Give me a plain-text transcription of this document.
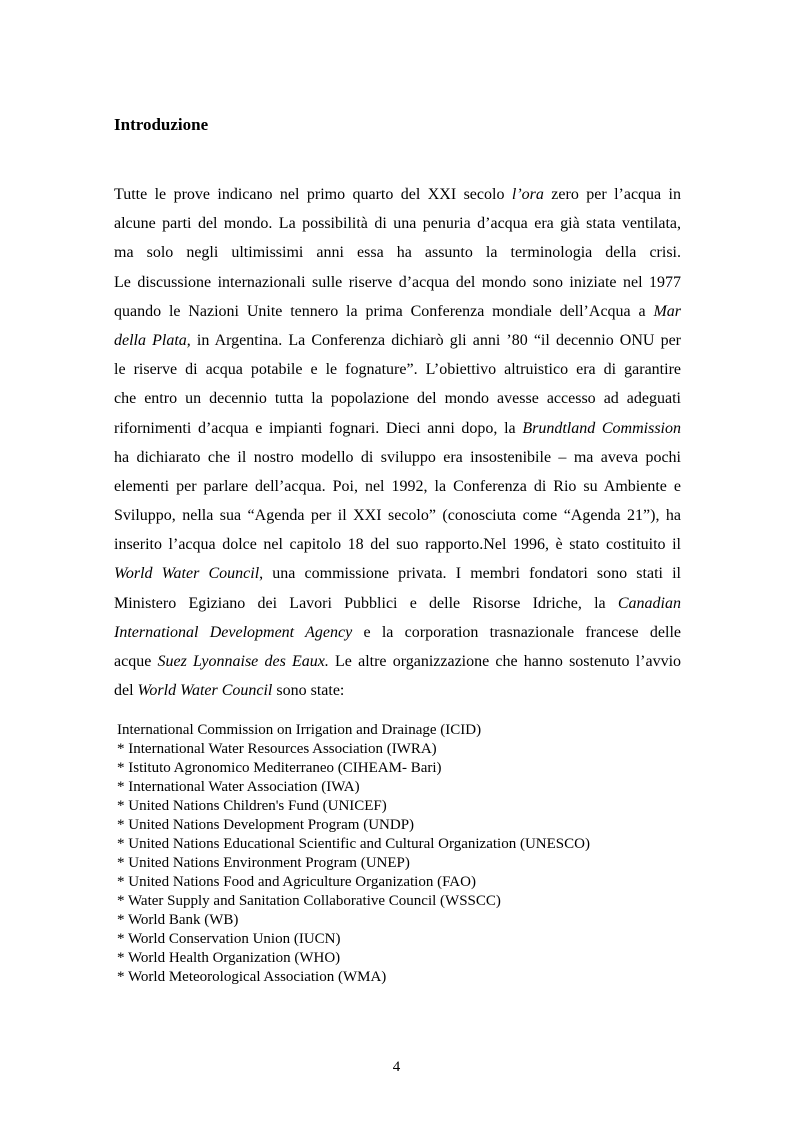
Introduzione
Tutte le prove indicano nel primo quarto del XXI secolo l’ora zero per l’acqua in
alcune parti del mondo. La possibilità di una penuria d’acqua era già stata ventilata,
ma solo negli ultimissimi anni essa ha assunto la terminologia della crisi.
Le discussione internazionali sulle riserve d’acqua del mondo sono iniziate nel 1977
quando le Nazioni Unite tennero la prima Conferenza mondiale dell’Acqua a Mar
della Plata, in Argentina. La Conferenza dichiarò gli anni ’80 “il decennio ONU per
le riserve di acqua potabile e le fognature”. L’obiettivo altruistico era di garantire
che entro un decennio tutta la popolazione del mondo avesse accesso ad adeguati
rifornimenti d’acqua e impianti fognari. Dieci anni dopo, la Brundtland Commission
ha dichiarato che il nostro modello di sviluppo era insostenibile – ma aveva pochi
elementi per parlare dell’acqua. Poi, nel 1992, la Conferenza di Rio su Ambiente e
Sviluppo, nella sua “Agenda per il XXI secolo” (conosciuta come “Agenda 21”), ha
inserito l’acqua dolce nel capitolo 18 del suo rapporto.Nel 1996, è stato costituito il
World Water Council, una commissione privata. I membri fondatori sono stati il
Ministero Egiziano dei Lavori Pubblici e delle Risorse Idriche, la Canadian
International Development Agency e la corporation trasnazionale francese delle
acque Suez Lyonnaise des Eaux. Le altre organizzazione che hanno sostenuto l’avvio
del World Water Council sono state:
International Commission on Irrigation and Drainage (ICID)
* International Water Resources Association (IWRA)
* Istituto Agronomico Mediterraneo (CIHEAM- Bari)
* International Water Association (IWA)
* United Nations Children's Fund (UNICEF)
* United Nations Development Program (UNDP)
* United Nations Educational Scientific and Cultural Organization (UNESCO)
* United Nations Environment Program (UNEP)
* United Nations Food and Agriculture Organization (FAO)
* Water Supply and Sanitation Collaborative Council (WSSCC)
* World Bank (WB)
* World Conservation Union (IUCN)
* World Health Organization (WHO)
* World Meteorological Association (WMA)
4
